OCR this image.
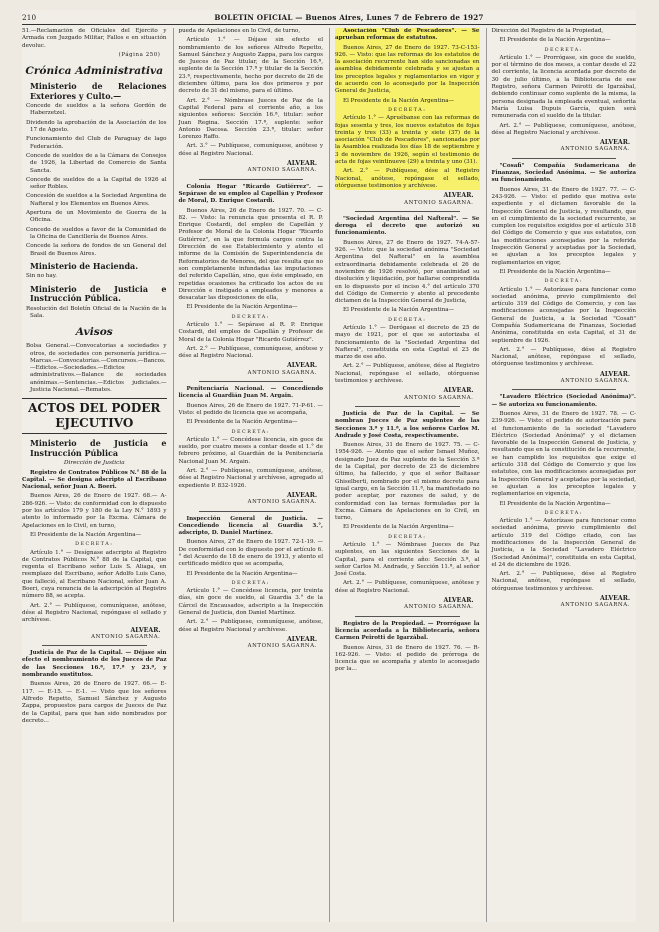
210	BOLETIN OFICIAL — Buenos Aires, Lunes 7 de Febrero de 1927

51.—Reclamación de Oficiales del Ejército y Armada con Juzgado Militar, Fallos e en situación devoluc.

(Página 250)

Crónica Administrativa
Ministerio de Relaciones Exteriores y Culto.—

Concede de sueldos a la señora Gordón de Haberzetzel.

Dividendo la aprobación de la Asociación de los 17 de Agosto.

Funcionamiento del Club de Paraguay de lago Federación.

Concede de sueldos de a la Cámara de Consejos de 1926, la Libertad de Comercio de Santa Sancta.

Concede de sueldos de a la Capital de 1926 al señor Robles.

Concesión de sueldos a la Sociedad Argentina de Nafteral y los Elementos en Buenos Aires.

Apertura de un Movimiento de Guerra de la Oficina.

Concedo de sueldos a favor de la Comunidad de la Oficina de Cancillería de Buenos Aires.

Concede la señora de fondos de un General del Brasil de Buenos Aires.

Ministerio de Hacienda.

Sin no hay.

Ministerio de Justicia e Instrucción Pública.

Resolución del Boletín Oficial de la Nación de la Sala.

Avisos

Bolsa General.—Convocatorias a sociedades y otros, de sociedades con personería jurídica.—Marcas.—Convocatorias.—Concursos.—Bancos.—Edictos.—Sociedades.—Edictos administrativos.—Balance de sociedades anónimas.—Sentencias.—Edictos judiciales.—Justicia Nacional.—Remates.

ACTOS DEL PODER EJECUTIVO
Ministerio de Justicia e Instrucción Pública
Dirección de Justicia

Registro de Contratos Públicos N.° 88 de la Capital. — Se designa adscripto al Escribano Nacional, señor Juan A. Boeri.

Buenos Aires, 26 de Enero de 1927. 68.— A-286-926. — Visto: de conformidad con lo dispuesto por los artículos 179 y 180 de la Ley N.° 1893 y atento lo informado por la Excma. Cámara de Apelaciones en lo Civil, en turno,

El Presidente de la Nación Argentina—

DECRETA:

Artículo 1.° — Desígnase adscripto al Registro de Contratos Públicos N.° 88 de la Capital, que regenta el Escribano señor Luis S. Aliaga, en reemplazo del Escribano, señor Adolfo Luis Cano, que falleció, al Escribano Nacional, señor Juan A. Boeri, cuya renuncia de la adscripción al Registro número 88, se acepta.

Art. 2.° — Publíquese, comuníquese, anótese, dése al Registro Nacional, repóngase el sellado y archívese.

ALVEAR.

ANTONIO SAGARNA.

Justicia de Paz de la Capital. — Déjase sin efecto el nombramiento de los Jueces de Paz de las Secciones 16.ª, 17.ª y 23.ª, y nombrando sustitutos.

Buenos Aires, 26 de Enero de 1927. 66.— E-117. — E-15. — E-1. — Visto que los señores Alfredo Repetto, Samuel Sánchez y Augusto Zappa, propuestos para cargos de Jueces de Paz de la Capital, para que han sido nombrados por decreto...

pueda de Apelaciones en lo Civil, de turno,

Artículo 1.° — Déjase sin efecto el nombramiento de los señores Alfredo Repetto, Samuel Sánchez y Augusto Zappa, para los cargos de Jueces de Paz titular, de la Sección 16.ª, suplente de la Sección 17.ª y titular de la Sección 23.ª, respectivamente, hecho por decreto de 26 de diciembre último, para los dos primeros y por decreto de 31 del mismo, para el último.

Art. 2.° — Nómbrase Jueces de Paz de la Capital Federal para el corriente año, a los siguientes señores: Sección 16.ª, titular: señor Juan Regina. Sección 17.ª, suplente: señor Antonio Dacosa. Sección 23.ª, titular: señor Lorenzo Raffo.

Art. 3.° — Publíquese, comuníquese, anótese y dése al Registro Nacional.

ALVEAR.

ANTONIO SAGARNA.

Colonia Hogar "Ricardo Gutiérrez". — Sepárase de su empleo al Capellán y Profesor de Moral, D. Enrique Costardi.

Buenos Aires, 26 de Enero de 1927. 70. — C-82. — Visto: la renuncia que presenta el R. P. Enrique Costardi, del empleo de Capellán y Profesor de Moral de la Colonia Hogar "Ricardo Gutiérrez", en la que formula cargos contra la Dirección de ese Establecimiento y atento el informe de la Comisión de Superintendencia de Reformatorios de Menores, del que resulta que no son completamente infundadas las imputaciones del referido Capellán, sino, que éste empleado, en repetidas ocasiones ha criticado los actos de su Dirección e instigado a empleados y menores a desacatar las disposiciones de ella,

El Presidente de la Nación Argentina—

DECRETA:

Artículo 1.° — Sepárase al R. P. Enrique Costardi, del empleo de Capellán y Profesor de Moral de la Colonia Hogar "Ricardo Gutiérrez".

Art. 2.° — Publíquese, comuníquese, anótese y dése al Registro Nacional.

ALVEAR.

ANTONIO SAGARNA.

Penitenciaría Nacional. — Concediendo licencia al Guardián Juan M. Argain.

Buenos Aires, 26 de Enero de 1927. 71-P-61. — Visto: el pedido de licencia que se acompaña,

El Presidente de la Nación Argentina—

DECRETA:

Artículo 1.° — Concédese licencia, sin goce de sueldo, por cuatro meses a contar desde el 1.° de febrero próximo, al Guardián de la Penitenciaría Nacional Juan M. Argain.

Art. 2.° — Publíquese, comuníquese, anótese, dése al Registro Nacional y archívese, agregado al expediente P. 832-1926.

ALVEAR.

ANTONIO SAGARNA.

Inspección General de Justicia. — Concediendo licencia al Guardia 3.°, adscripto, D. Daniel Martínez.

Buenos Aires, 27 de Enero de 1927. 72-1-19. — De conformidad con lo dispuesto por el artículo 6.° del Acuerdo de 18 de enero de 1913, y atento el certificado médico que se acompaña,

El Presidente de la Nación Argentina—

DECRETA:

Artículo 1.° — Concédese licencia, por treinta días, sin goce de sueldo, al Guardia 3.° de la Cárcel de Encausados, adscripto a la Inspección General de Justicia, don Daniel Martínez.

Art. 2.° — Publíquese, comuníquese, anótese, dése al Registro Nacional y archívese.

ALVEAR.

ANTONIO SAGARNA.

Asociación "Club de Pescadores". — Se aprueban reformas de estatutos.

Buenos Aires, 27 de Enero de 1927. 73-C-153-926. — Visto: que las reformas de los estatutos de la asociación recurrente han sido sancionadas en asamblea debidamente celebrada y se ajustan a los preceptos legales y reglamentarios en vigor y de acuerdo con lo aconsejado por la Inspección General de Justicia,

El Presidente de la Nación Argentina—

DECRETA:

Artículo 1.° — Apruébanse con las reformas de fojas sesenta y tres, los nuevos estatutos de fojas treinta y tres (33) a treinta y siete (37) de la asociación "Club de Pescadores", sancionadas por la Asamblea realizada los días 18 de septiembre y 3 de noviembre de 1926, según el testimonio de acta de fojas veintinueve (29) a treinta y uno (31).

Art. 2.° — Publíquese, dése al Registro Nacional, anótese, repóngase el sellado, otórguense testimonios y archívese.

ALVEAR.

ANTONIO SAGARNA.

"Sociedad Argentina del Nafteral". — Se deroga el decreto que autorizó su funcionamiento.

Buenos Aires, 27 de Enero de 1927. 74-A-57-926. — Visto: que la sociedad anónima "Sociedad Argentina del Nafteral" en la asamblea extraordinaria debidamente celebrada el 26 de noviembre de 1926 resolvió, por unanimidad su disolución y liquidación, por hallarse comprendida en lo dispuesto por el inciso 4.° del artículo 370 del Código de Comercio y atento al precedente dictamen de la Inspección General de Justicia,

El Presidente de la Nación Argentina—

DECRETA:

Artículo 1.° — Derógase el decreto de 25 de mayo de 1921, por el que se autorizaba el funcionamiento de la "Sociedad Argentina del Nafteral", constituida en esta Capital el 23 de marzo de ese año.

Art. 2.° — Publíquese, anótese, dése al Registro Nacional, repóngase el sellado, otórguense testimonios y archívese.

ALVEAR.

ANTONIO SAGARNA.

Justicia de Paz de la Capital. — Se nombran Jueces de Paz suplentes de las Secciones 3.ª y 11.ª, a los señores Carlos M. Andrade y José Costa, respectivamente.

Buenos Aires, 31 de Enero de 1927. 75. — C-1954-926. — Atento que el señor Ismael Muñoz, designado Juez de Paz suplente de la Sección 3.ª de la Capital, por decreto de 23 de diciembre último, ha fallecido, y que el señor Baltasar Ghiselberti, nombrado por el mismo decreto para igual cargo, en la Sección 11.ª, ha manifestado no poder aceptar, por razones de salud, y de conformidad con las ternas formuladas por la Excma. Cámara de Apelaciones en lo Civil, en turno,

El Presidente de la Nación Argentina—

DECRETA:

Artículo 1.° — Nómbrase Jueces de Paz suplentes, en las siguientes Secciones de la Capital, para el corriente año: Sección 3.ª, al señor Carlos M. Andrade, y Sección 11.ª, al señor José Costa.

Art. 2.° — Publíquese, comuníquese, anótese y dése al Registro Nacional.

ALVEAR.

ANTONIO SAGARNA.

Registro de la Propiedad. — Prorrógase la licencia acordada a la Bibliotecaria, señora Carmen Peirotti de Igarzábal.

Buenos Aires, 31 de Enero de 1927. 76. — R-162-926. — Visto: el pedido de prórroga de licencia que se acompaña y atento lo aconsejado por la...

Dirección del Registro de la Propiedad,

El Presidente de la Nación Argentina—

DECRETA:

Artículo 1.° — Prorrógase, sin goce de sueldo, por el término de dos meses, a contar desde el 22 del corriente, la licencia acordada por decreto de 30 de julio último, a la Bibliotecaria de ese Registro, señora Carmen Peirotti de Igarzábal, debiendo continuar como suplente de la misma, la persona designada la empleada eventual, señorita María Luisa Dupuis García, quien será remunerada con el sueldo de la titular.

Art. 2.° — Publíquese, comuníquese, anótese, dése al Registro Nacional y archívese.

ALVEAR.

ANTONIO SAGARNA.

"Cosafi" Compañía Sudamericana de Finanzas, Sociedad Anónima. — Se autoriza su funcionamiento.

Buenos Aires, 31 de Enero de 1927. 77. — C-243-926. — Visto: el pedido que motiva este expediente y el dictamen favorable de la Inspección General de Justicia, y resultando, que en el cumplimiento de la sociedad recurrente, se cumplen los requisitos exigidos por el artículo 318 del Código de Comercio y que sus estatutos, con las modificaciones aconsejadas por la referida Inspección General y aceptadas por la Sociedad, se ajustan a los preceptos legales y reglamentarios en vigor,

El Presidente de la Nación Argentina—

DECRETA:

Artículo 1.° — Autorízase para funcionar como sociedad anónima, previo cumplimiento del artículo 319 del Código de Comercio, y con las modificaciones aconsejadas por la Inspección General de Justicia, a la Sociedad "Cosafi" Compañía Sudamericana de Finanzas, Sociedad Anónima, constituida en esta Capital, el 31 de septiembre de 1926.

Art. 2.° — Publíquese, dése al Registro Nacional, anótese, repóngase el sellado, otórguense testimonios y archívese.

ALVEAR.

ANTONIO SAGARNA.

"Lavadero Eléctrico (Sociedad Anónima)". — Se autoriza su funcionamiento.

Buenos Aires, 31 de Enero de 1927. 78. — C-239-926. — Visto: el pedido de autorización para el funcionamiento de la sociedad "Lavadero Eléctrico (Sociedad Anónima)" y el dictamen favorable de la Inspección General de Justicia, y resultando que en la constitución de la recurrente, se han cumplido los requisitos que exige el artículo 318 del Código de Comercio y que los estatutos, con las modificaciones aconsejadas por la Inspección General y aceptadas por la sociedad, se ajustan a los preceptos legales y reglamentarios en vigencia,

El Presidente de la Nación Argentina—

DECRETA:

Artículo 1.° — Autorízase para funcionar como sociedad anónima, previo cumplimiento del artículo 319 del Código citado, con las modificaciones de la Inspección General de Justicia, a la Sociedad "Lavadero Eléctrico (Sociedad Anónima)", constituida en esta Capital, el 24 de diciembre de 1926.

Art. 2.° — Publíquese, dése al Registro Nacional, anótese, repóngase el sellado, otórguense testimonios y archívese.

ALVEAR.

ANTONIO SAGARNA.
